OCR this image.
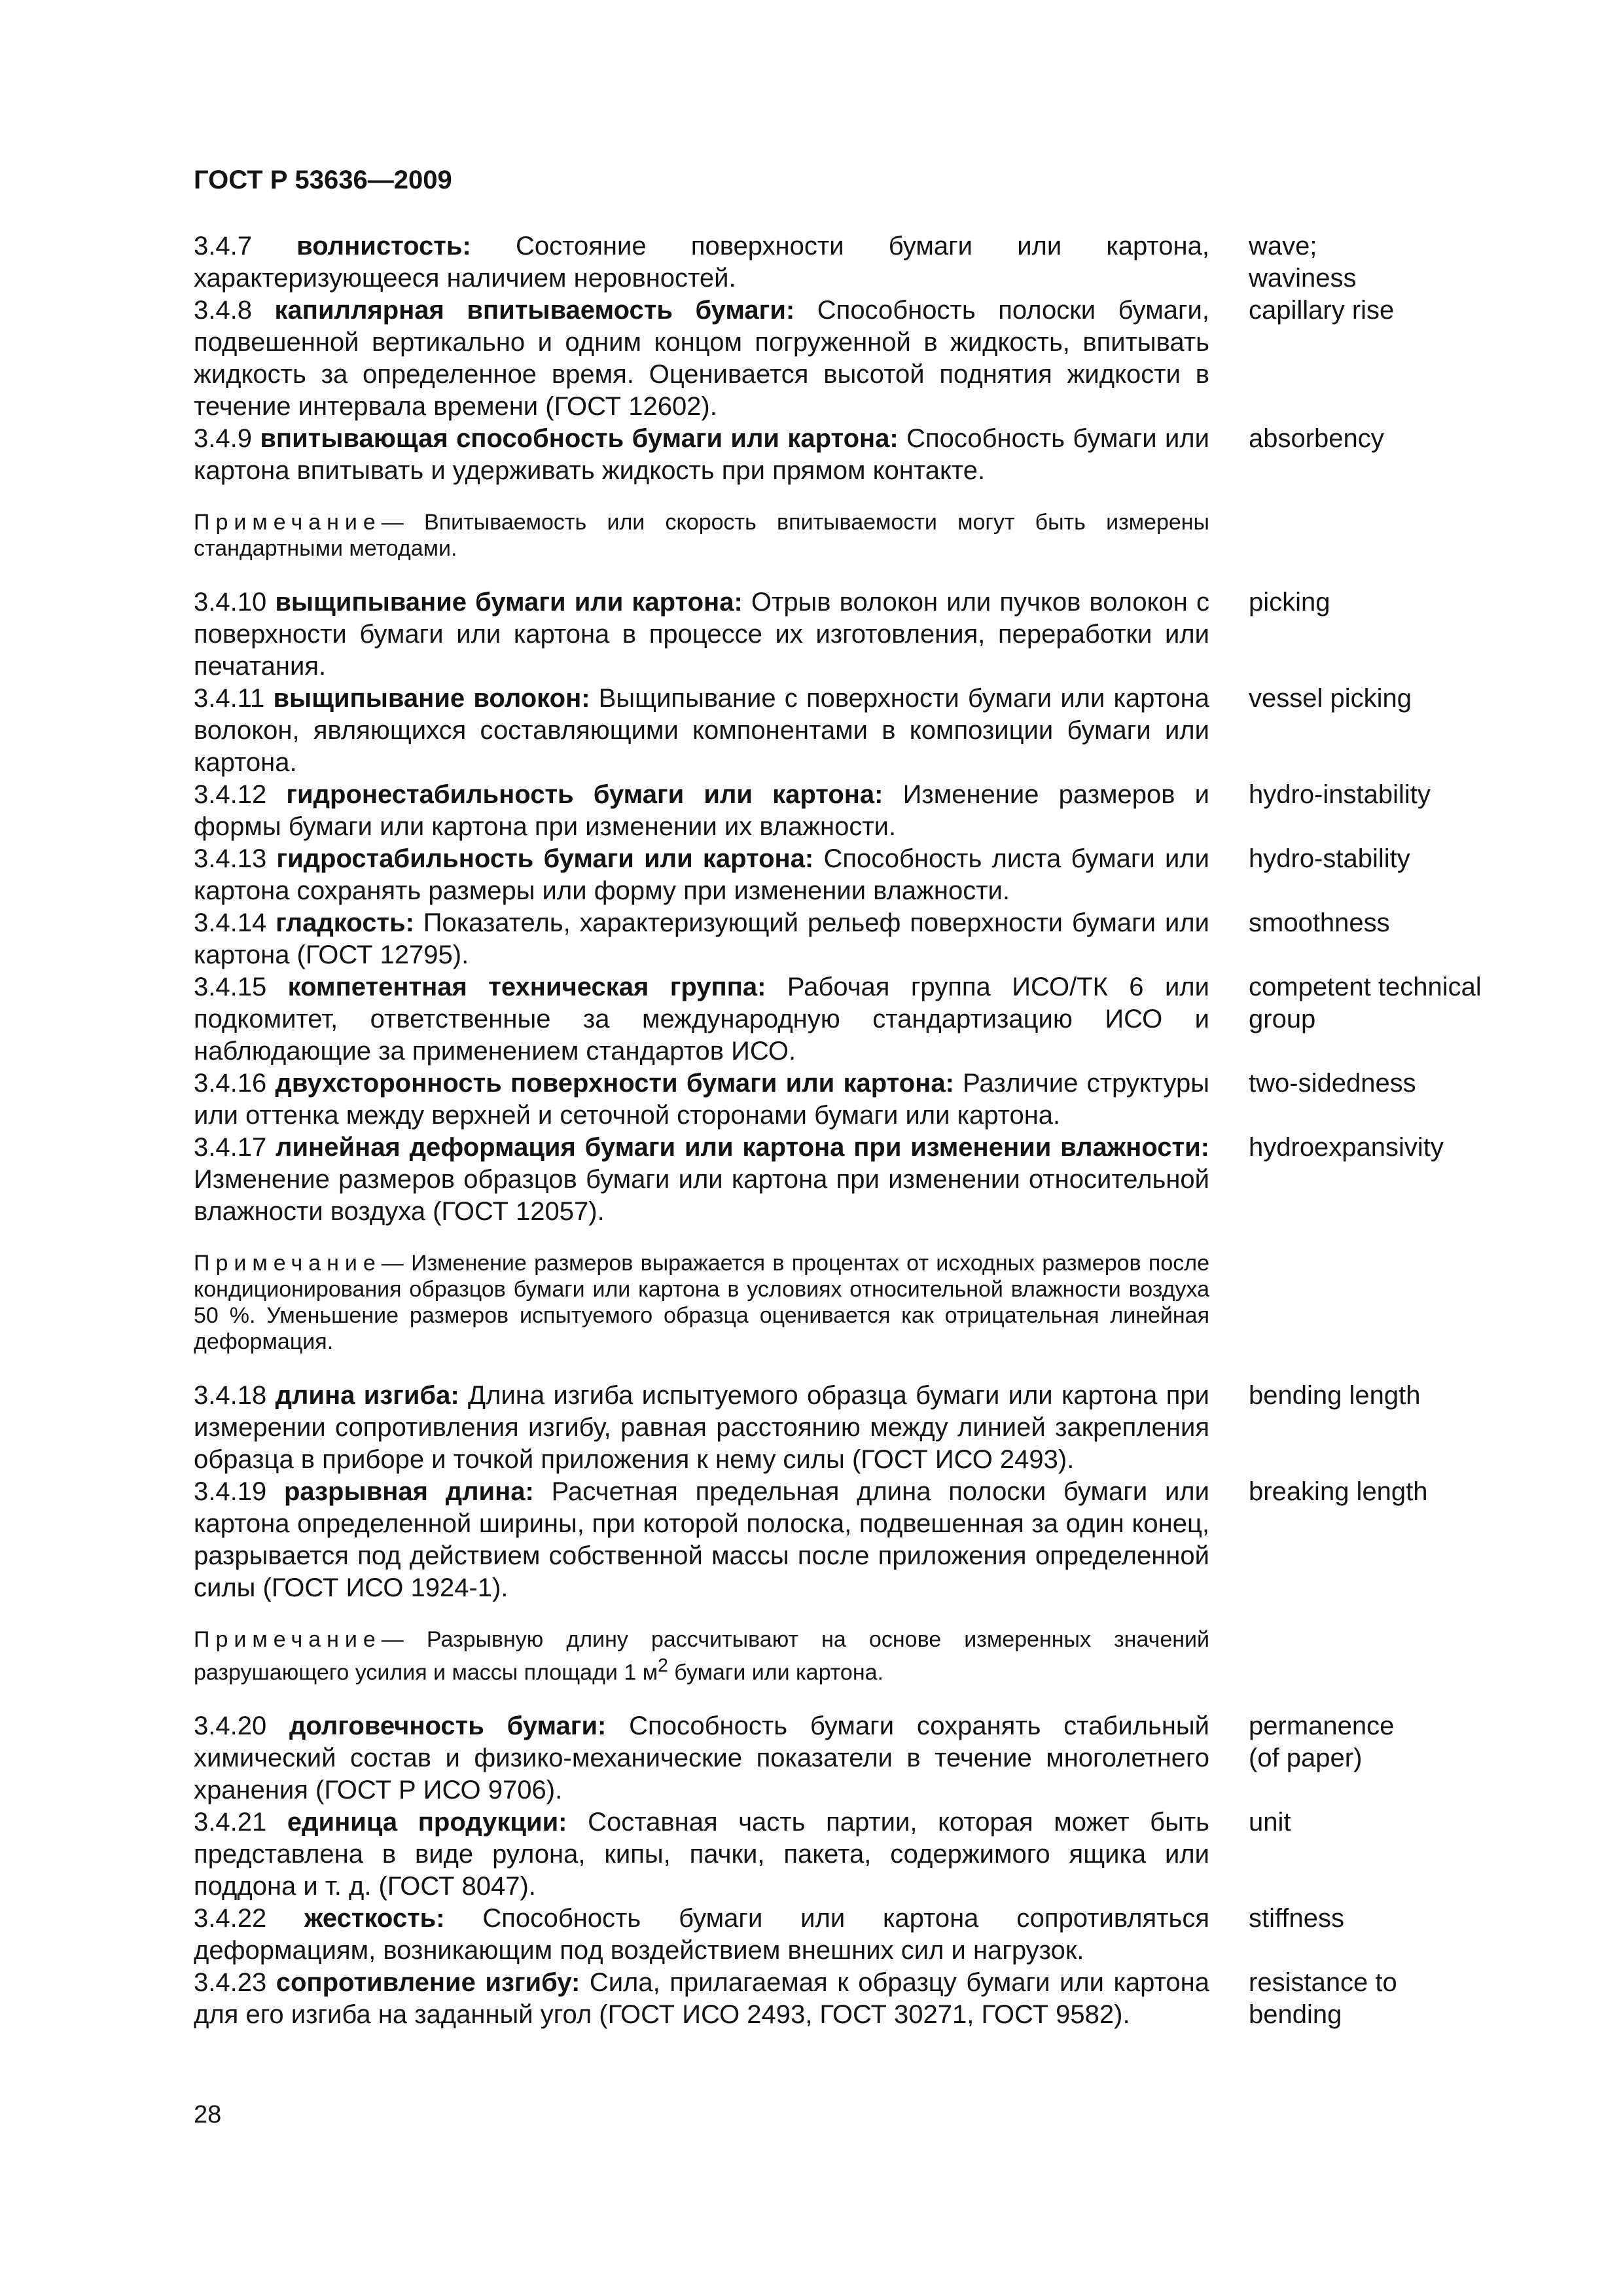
ГОСТ Р 53636—2009
3.4.7 волнистость: Состояние поверхности бумаги или картона, характеризующееся наличием неровностей.
wave;
waviness
3.4.8 капиллярная впитываемость бумаги: Способность полоски бумаги, подвешенной вертикально и одним концом погруженной в жидкость, впитывать жидкость за определенное время. Оценивается высотой поднятия жидкости в течение интервала времени (ГОСТ 12602).
capillary rise
3.4.9 впитывающая способность бумаги или картона: Способность бумаги или картона впитывать и удерживать жидкость при прямом контакте.
absorbency
Примечание— Впитываемость или скорость впитываемости могут быть измерены стандартными методами.
3.4.10 выщипывание бумаги или картона: Отрыв волокон или пучков волокон с поверхности бумаги или картона в процессе их изготовления, переработки или печатания.
picking
3.4.11 выщипывание волокон: Выщипывание с поверхности бумаги или картона волокон, являющихся составляющими компонентами в композиции бумаги или картона.
vessel picking
3.4.12 гидронестабильность бумаги или картона: Изменение размеров и формы бумаги или картона при изменении их влажности.
hydro-instability
3.4.13 гидростабильность бумаги или картона: Способность листа бумаги или картона сохранять размеры или форму при изменении влажности.
hydro-stability
3.4.14 гладкость: Показатель, характеризующий рельеф поверхности бумаги или картона (ГОСТ 12795).
smoothness
3.4.15 компетентная техническая группа: Рабочая группа ИСО/ТК 6 или подкомитет, ответственные за международную стандартизацию ИСО и наблюдающие за применением стандартов ИСО.
competent technical group
3.4.16 двухсторонность поверхности бумаги или картона: Различие структуры или оттенка между верхней и сеточной сторонами бумаги или картона.
two-sidedness
3.4.17 линейная деформация бумаги или картона при изменении влажности: Изменение размеров образцов бумаги или картона при изменении относительной влажности воздуха (ГОСТ 12057).
hydroexpansivity
Примечание— Изменение размеров выражается в процентах от исходных размеров после кондиционирования образцов бумаги или картона в условиях относительной влажности воздуха 50 %. Уменьшение размеров испытуемого образца оценивается как отрицательная линейная деформация.
3.4.18 длина изгиба: Длина изгиба испытуемого образца бумаги или картона при измерении сопротивления изгибу, равная расстоянию между линией закрепления образца в приборе и точкой приложения к нему силы (ГОСТ ИСО 2493).
bending length
3.4.19 разрывная длина: Расчетная предельная длина полоски бумаги или картона определенной ширины, при которой полоска, подвешенная за один конец, разрывается под действием собственной массы после приложения определенной силы (ГОСТ ИСО 1924-1).
breaking length
Примечание— Разрывную длину рассчитывают на основе измеренных значений разрушающего усилия и массы площади 1 $м^2$ бумаги или картона.
3.4.20 долговечность бумаги: Способность бумаги сохранять стабильный химический состав и физико-механические показатели в течение многолетнего хранения (ГОСТ Р ИСО 9706).
permanence
(of paper)
3.4.21 единица продукции: Составная часть партии, которая может быть представлена в виде рулона, кипы, пачки, пакета, содержимого ящика или поддона и т. д. (ГОСТ 8047).
unit
3.4.22 жесткость: Способность бумаги или картона сопротивляться деформациям, возникающим под воздействием внешних сил и нагрузок.
stiffness
3.4.23 сопротивление изгибу: Сила, прилагаемая к образцу бумаги или картона для его изгиба на заданный угол (ГОСТ ИСО 2493, ГОСТ 30271, ГОСТ 9582).
resistance to
bending
28
